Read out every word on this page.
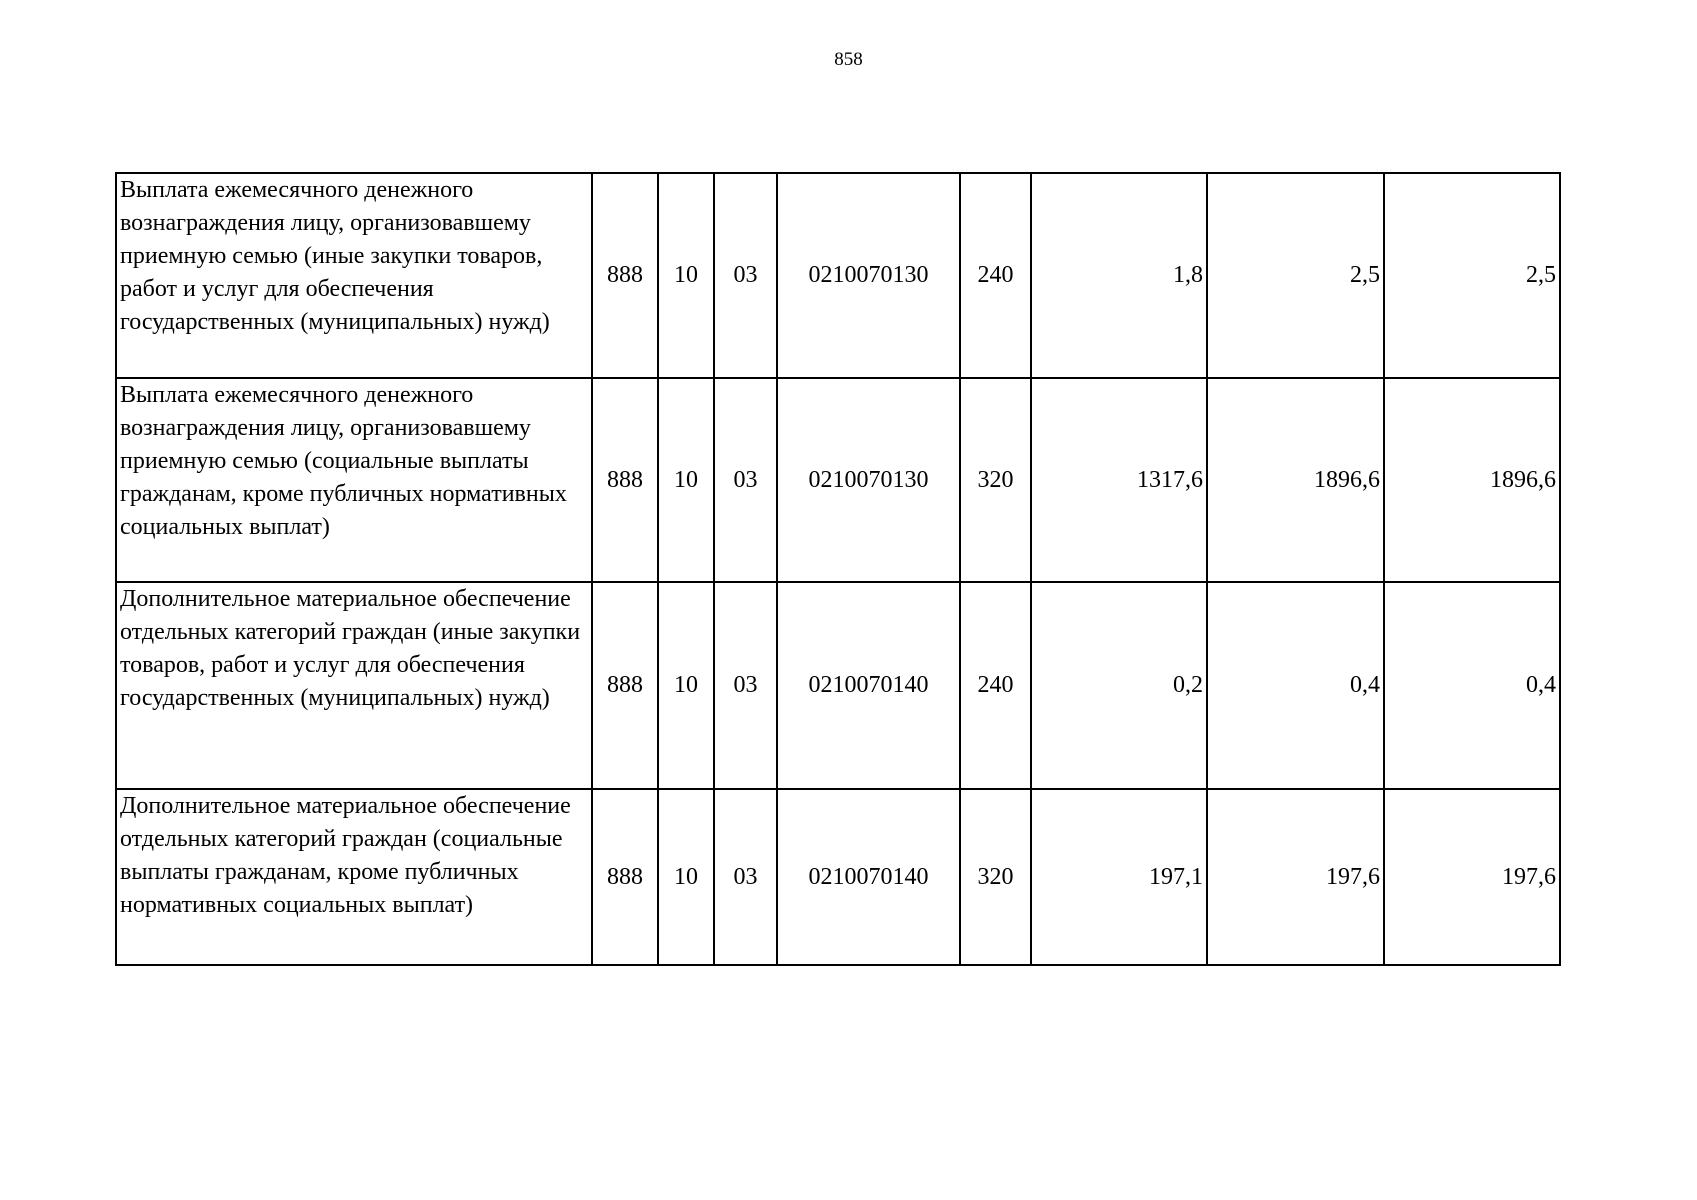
858
Выплата ежемесячного денежного вознаграждения лицу, организовавшему приемную семью (иные закупки товаров, работ и услуг для обеспечения государственных (муниципальных) нужд)	888	10	03	0210070130	240	1,8	2,5	2,5
Выплата ежемесячного денежного вознаграждения лицу, организовавшему приемную семью (социальные выплаты гражданам, кроме публичных нормативных социальных выплат)	888	10	03	0210070130	320	1317,6	1896,6	1896,6
Дополнительное материальное обеспечение отдельных категорий граждан (иные закупки товаров, работ и услуг для обеспечения государственных (муниципальных) нужд)	888	10	03	0210070140	240	0,2	0,4	0,4
Дополнительное материальное обеспечение отдельных категорий граждан (социальные выплаты гражданам, кроме публичных нормативных социальных выплат)	888	10	03	0210070140	320	197,1	197,6	197,6
